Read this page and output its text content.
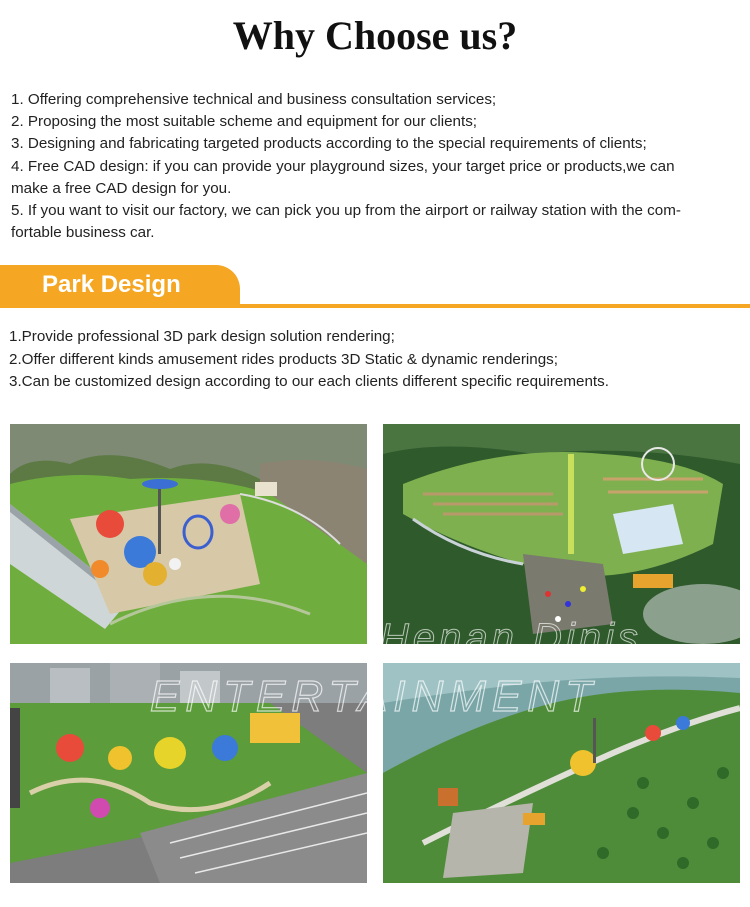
Why Choose us?

1. Offering comprehensive technical and business consultation services;

2. Proposing the most suitable scheme and equipment for our clients;

3. Designing and fabricating targeted products according to the special requirements of clients;

4. Free CAD design: if you can provide your playground sizes, your target price or products,we can

make a free CAD design for you.

5. If you want to visit our factory, we can pick you up from the airport or railway station with the com-

fortable business car.

Park Design

1.Provide professional 3D park design solution rendering;

2.Offer different kinds amusement rides products 3D Static & dynamic renderings;

3.Can be customized design according to our each clients different specific requirements.

ENTERTAINMENT
